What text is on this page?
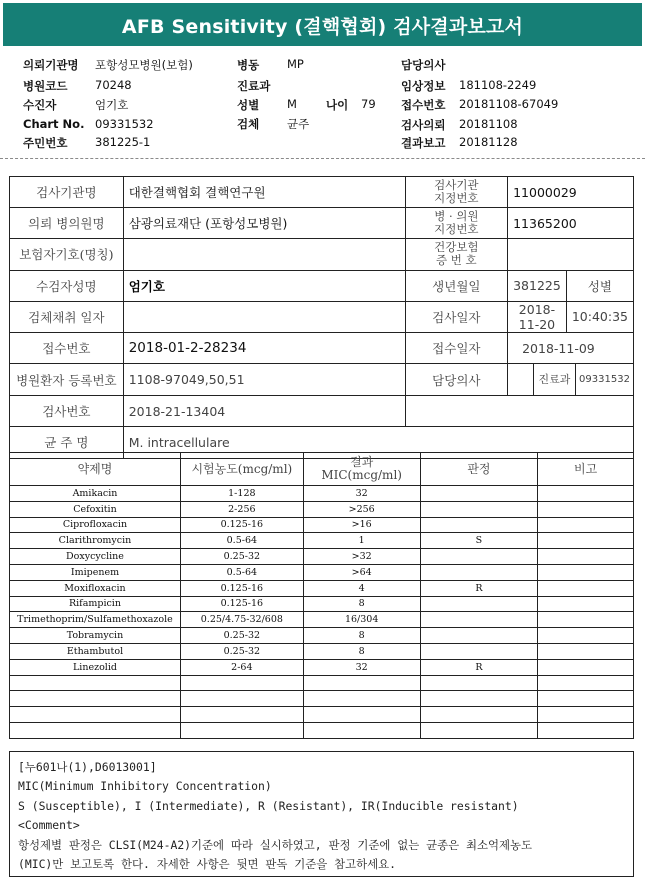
AFB Sensitivity (결핵협회) 검사결과보고서
의뢰기관명 포항성모병원(보험)
병원코드 70248
수진자	엄기호
Chart No. 09331532
주민번호 381225-1
병동 MP
진료과
성별 M	나이 79
검체 균주
담당의사
임상정보 181108-2249
접수번호 20181108-67049
검사의뢰 20181108
결과보고 20181128
검사기관명	대한결핵협회 결핵연구원	검사기관
지정번호	11000029	
의뢰 병의원명	삼광의료재단 (포항성모병원)	병 · 의원
지정번호	11365200	
보험자기호(명칭)		건강보험
증 번 호		

수검자성명	엄기호	생년월일	381225	성별
검체채취 일자		검사일자	2018-11-20	10:40:35
접수번호	2018-01-2-28234	접수일자	2018-11-09	
병원환자 등록번호	1108-97049,50,51	담당의사	진료과 09331532	

검사번호	2018-21-13404			
균 주 명	M. intracellulare			
약제명	시험농도(mcg/ml)	결과
MIC(mcg/ml)	판정	비고
Amikacin	1-128	32		
Cefoxitin	2-256	>256		
Ciprofloxacin	0.125-16	>16		
Clarithromycin	0.5-64	1	S	
Doxycycline	0.25-32	>32		
Imipenem	0.5-64	>64		
Moxifloxacin	0.125-16	4	R	
Rifampicin	0.125-16	8		
Trimethoprim/Sulfamethoxazole	0.25/4.75-32/608	16/304		
Tobramycin	0.25-32	8		
Ethambutol	0.25-32	8		
Linezolid	2-64	32	R	

[누601나(1),D6013001]
MIC(Minimum Inhibitory Concentration)
S (Susceptible), I (Intermediate), R (Resistant), IR(Inducible resistant)
<Comment>
항성제별 판정은 CLSI(M24-A2)기준에 따라 실시하였고, 판정 기준에 없는 균종은 최소억제농도
(MIC)만 보고토록 한다. 자세한 사항은 뒷면 판독 기준을 참고하세요.
